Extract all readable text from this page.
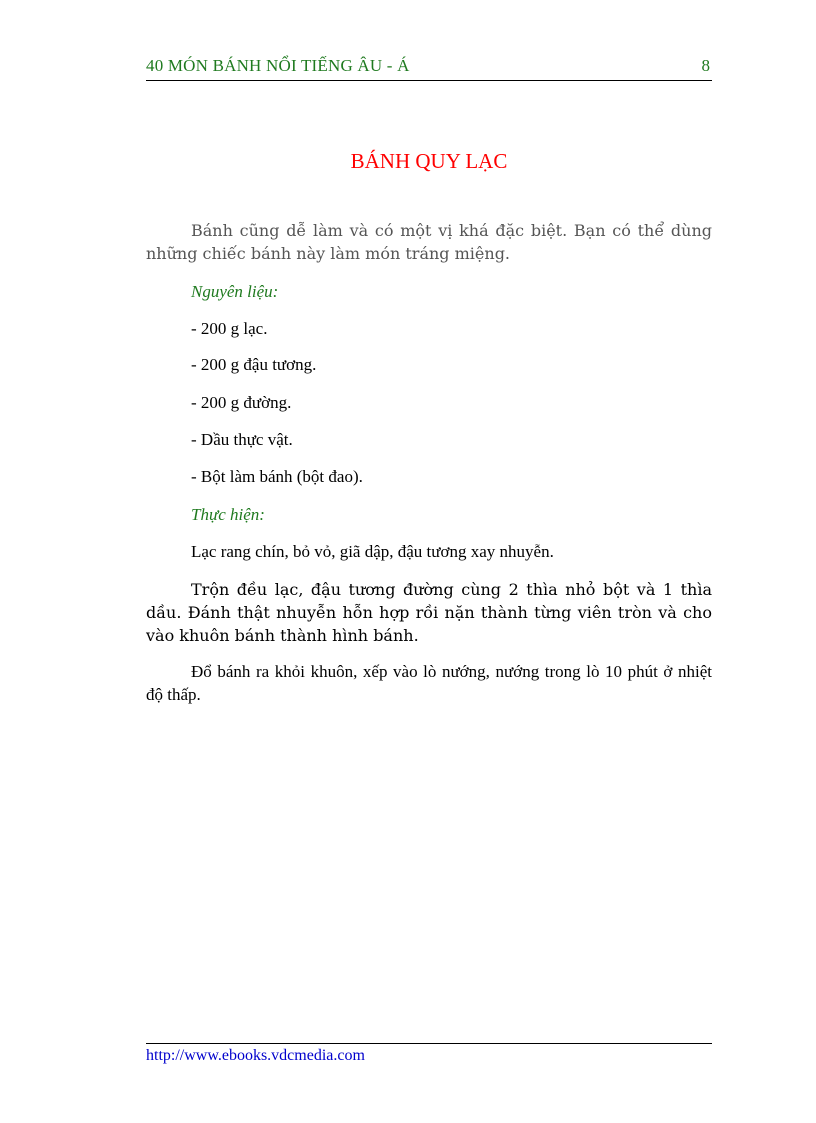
40 MÓN BÁNH NỔI TIẾNG ÂU - Á	8
BÁNH QUY LẠC

Bánh cũng dễ làm và có một vị khá đặc biệt. Bạn có thể dùng những chiếc bánh này làm món tráng miệng.

Nguyên liệu:
- 200 g lạc.
- 200 g đậu tương.
- 200 g đường.
- Dầu thực vật.
- Bột làm bánh (bột đao).
Thực hiện:

Lạc rang chín, bỏ vỏ, giã dập, đậu tương xay nhuyễn.

Trộn đều lạc, đậu tương đường cùng 2 thìa nhỏ bột và 1 thìa dầu. Đánh thật nhuyễn hỗn hợp rồi nặn thành từng viên tròn và cho vào khuôn bánh thành hình bánh.

Đổ bánh ra khỏi khuôn, xếp vào lò nướng, nướng trong lò 10 phút ở nhiệt độ thấp.

http://www.ebooks.vdcmedia.com
